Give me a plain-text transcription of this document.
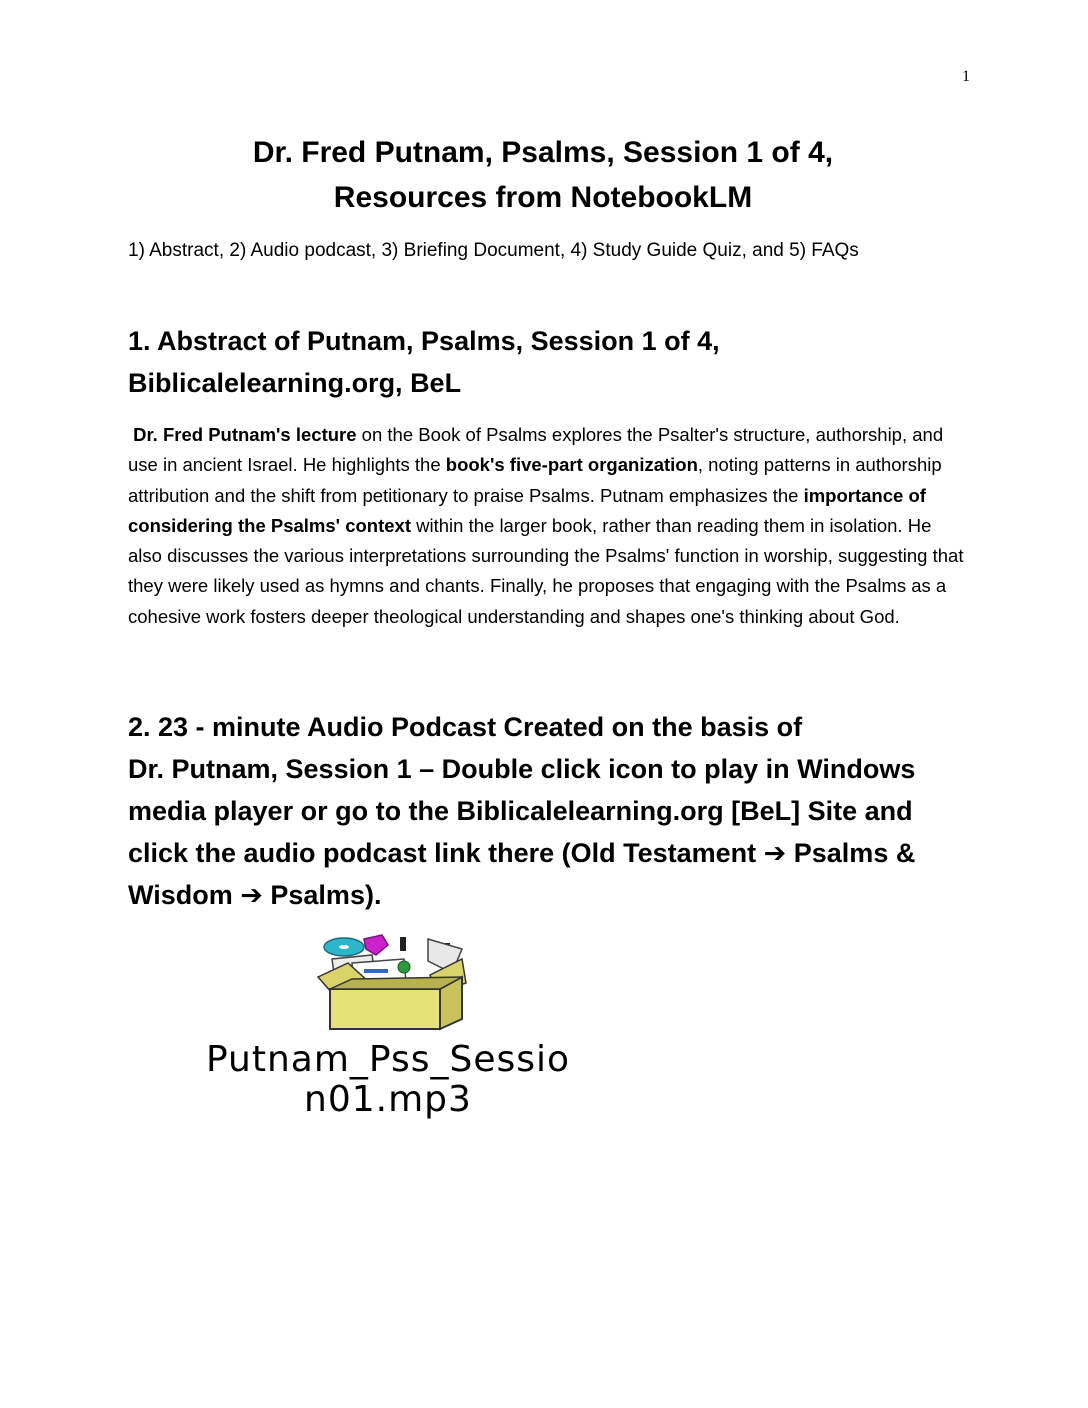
1
Dr. Fred Putnam, Psalms, Session 1 of 4,
Resources from NotebookLM
1) Abstract, 2) Audio podcast, 3) Briefing Document, 4) Study Guide Quiz, and 5) FAQs
1. Abstract of Putnam, Psalms, Session 1 of 4,
Biblicalelearning.org, BeL
Dr. Fred Putnam's lecture on the Book of Psalms explores the Psalter's structure, authorship, and use in ancient Israel. He highlights the book's five-part organization, noting patterns in authorship attribution and the shift from petitionary to praise Psalms. Putnam emphasizes the importance of considering the Psalms' context within the larger book, rather than reading them in isolation. He also discusses the various interpretations surrounding the Psalms' function in worship, suggesting that they were likely used as hymns and chants. Finally, he proposes that engaging with the Psalms as a cohesive work fosters deeper theological understanding and shapes one's thinking about God.
2. 23 - minute Audio Podcast Created on the basis of
Dr. Putnam, Session 1 – Double click icon to play in Windows
media player or go to the Biblicalelearning.org [BeL] Site and
click the audio podcast link there (Old Testament ➔ Psalms &
Wisdom ➔ Psalms).
Putnam_Pss_Sessio
n01.mp3
